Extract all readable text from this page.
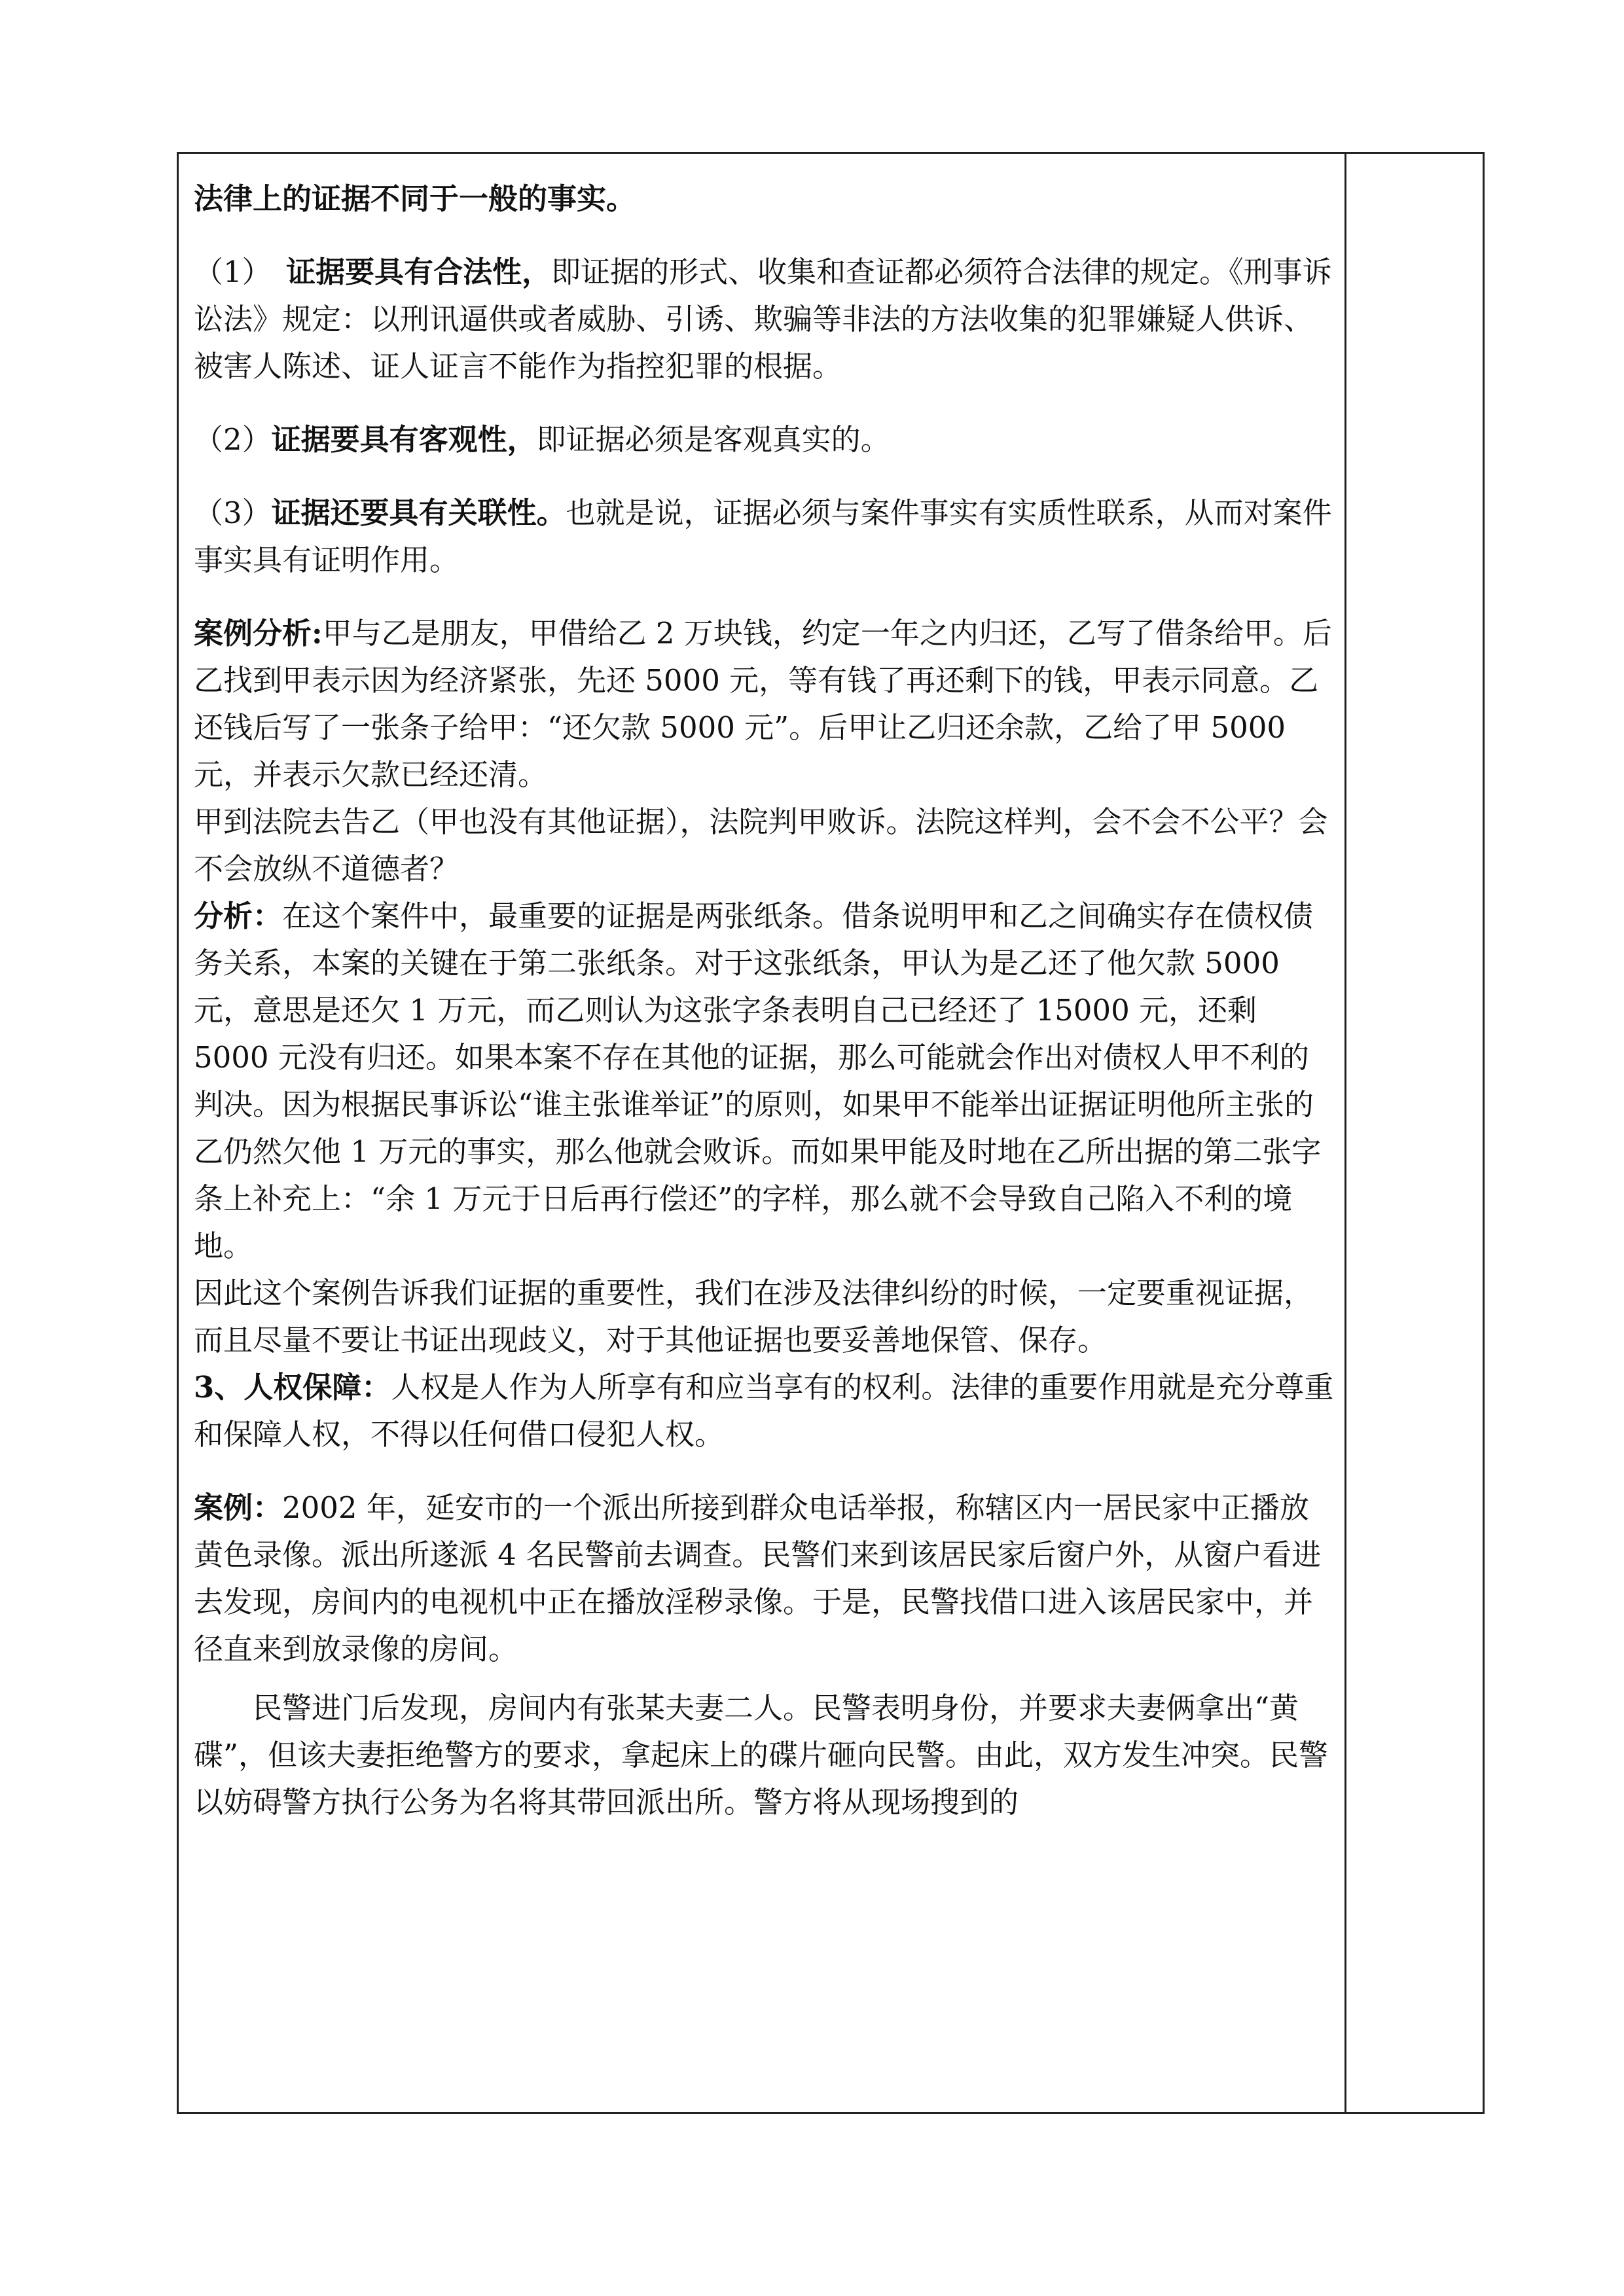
法律上的证据不同于一般的事实。

（1）　证据要具有合法性，即证据的形式、收集和查证都必须符合法律的规定。《刑事诉讼法》规定：以刑讯逼供或者威胁、引诱、欺骗等非法的方法收集的犯罪嫌疑人供诉、被害人陈述、证人证言不能作为指控犯罪的根据。

（2）证据要具有客观性，即证据必须是客观真实的。

（3）证据还要具有关联性。也就是说，证据必须与案件事实有实质性联系，从而对案件事实具有证明作用。

案例分析:甲与乙是朋友，甲借给乙 2 万块钱，约定一年之内归还，乙写了借条给甲。后乙找到甲表示因为经济紧张，先还 5000 元，等有钱了再还剩下的钱，甲表示同意。乙还钱后写了一张条子给甲：“还欠款 5000 元”。后甲让乙归还余款，乙给了甲 5000 元，并表示欠款已经还清。

甲到法院去告乙（甲也没有其他证据），法院判甲败诉。法院这样判，会不会不公平？会不会放纵不道德者？

分析：在这个案件中，最重要的证据是两张纸条。借条说明甲和乙之间确实存在债权债务关系，本案的关键在于第二张纸条。对于这张纸条，甲认为是乙还了他欠款 5000 元，意思是还欠 1 万元，而乙则认为这张字条表明自己已经还了 15000 元，还剩 5000 元没有归还。如果本案不存在其他的证据，那么可能就会作出对债权人甲不利的判决。因为根据民事诉讼“谁主张谁举证”的原则，如果甲不能举出证据证明他所主张的乙仍然欠他 1 万元的事实，那么他就会败诉。而如果甲能及时地在乙所出据的第二张字条上补充上：“余 1 万元于日后再行偿还”的字样，那么就不会导致自己陷入不利的境地。

因此这个案例告诉我们证据的重要性，我们在涉及法律纠纷的时候，一定要重视证据，而且尽量不要让书证出现歧义，对于其他证据也要妥善地保管、保存。

3、人权保障：人权是人作为人所享有和应当享有的权利。法律的重要作用就是充分尊重和保障人权，不得以任何借口侵犯人权。

案例：2002 年，延安市的一个派出所接到群众电话举报，称辖区内一居民家中正播放黄色录像。派出所遂派 4 名民警前去调查。民警们来到该居民家后窗户外，从窗户看进去发现，房间内的电视机中正在播放淫秽录像。于是，民警找借口进入该居民家中，并径直来到放录像的房间。

民警进门后发现，房间内有张某夫妻二人。民警表明身份，并要求夫妻俩拿出“黄碟”，但该夫妻拒绝警方的要求，拿起床上的碟片砸向民警。由此，双方发生冲突。民警以妨碍警方执行公务为名将其带回派出所。警方将从现场搜到的
